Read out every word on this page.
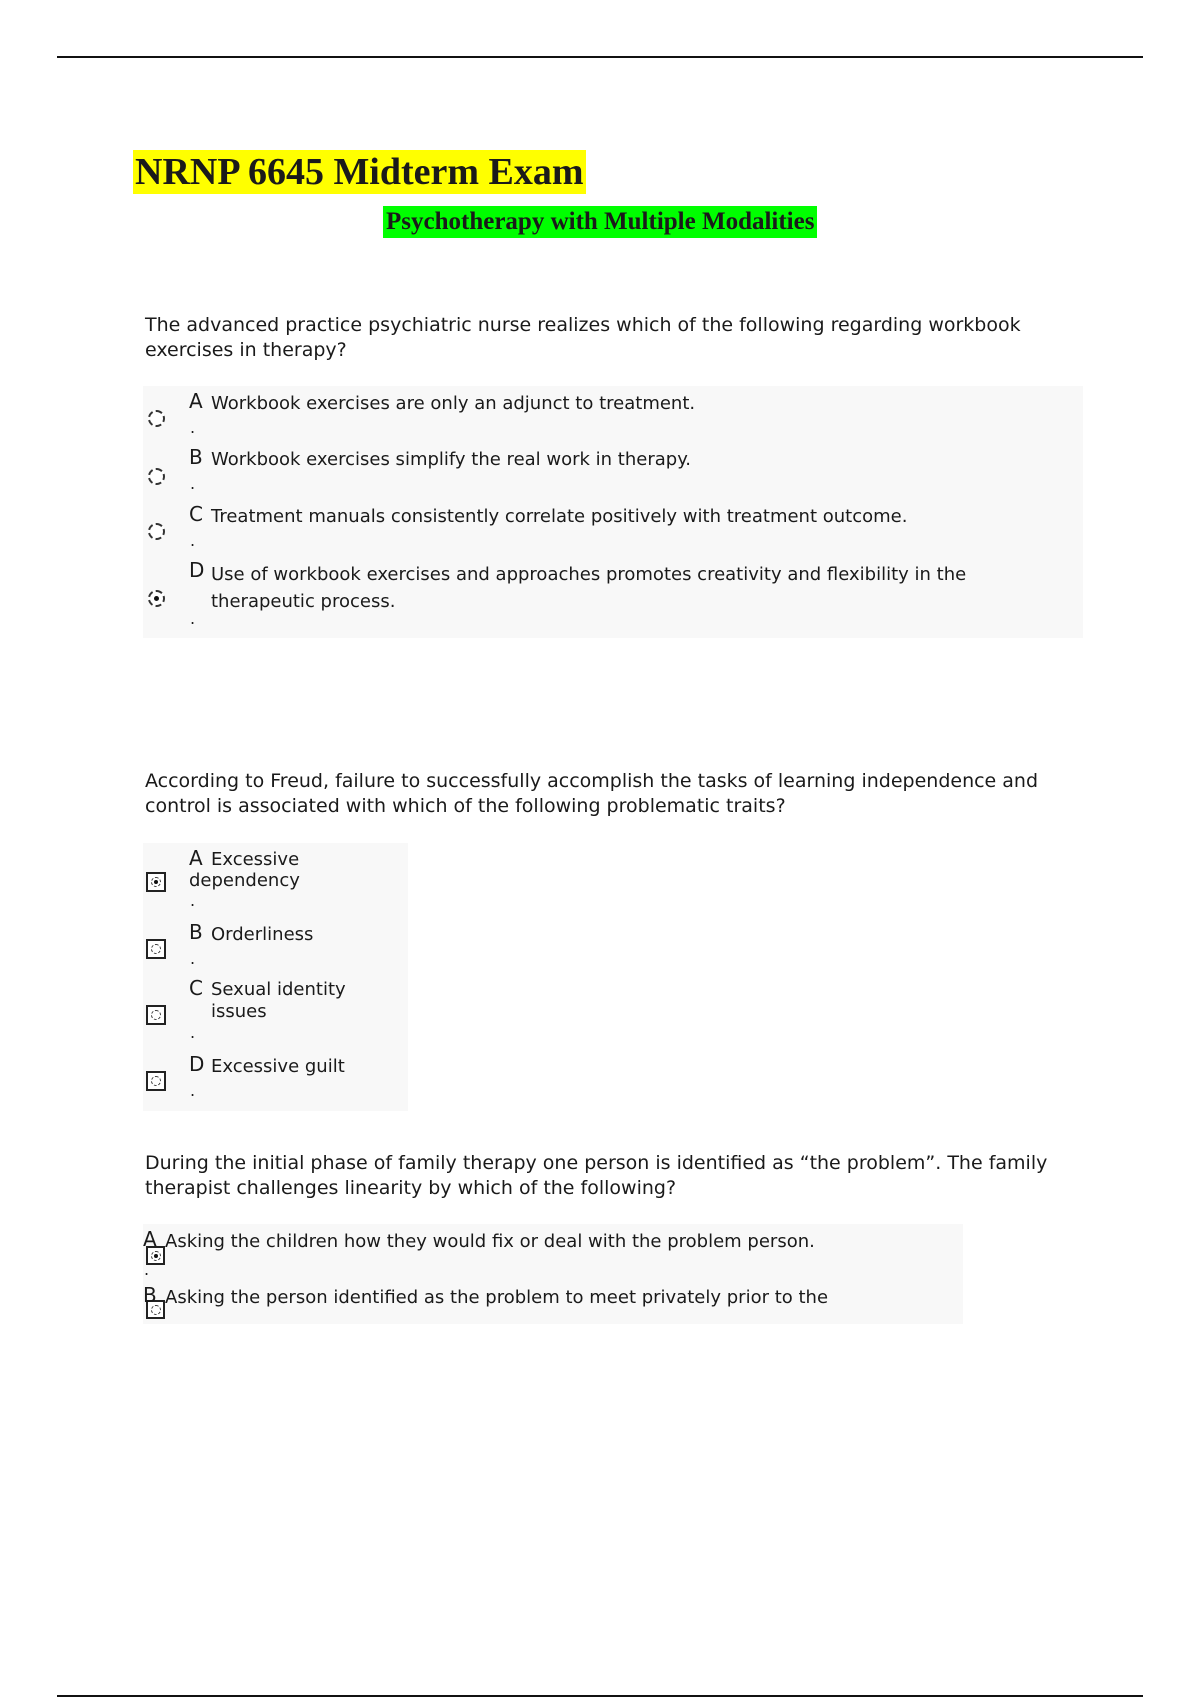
NRNP 6645 Midterm Exam
Psychotherapy with Multiple Modalities
The advanced practice psychiatric nurse realizes which of the following regarding workbook exercises in therapy?
A
.
Workbook exercises are only an adjunct to treatment.
B
.
Workbook exercises simplify the real work in therapy.
C
.
Treatment manuals consistently correlate positively with treatment outcome.
D
.
Use of workbook exercises and approaches promotes creativity and flexibility in the therapeutic process.
According to Freud, failure to successfully accomplish the tasks of learning independence and control is associated with which of the following problematic traits?
A
.
Excessive dependency
B
.
Orderliness
C
.
Sexual identity issues
D
.
Excessive guilt
During the initial phase of family therapy one person is identified as “the problem”. The family therapist challenges linearity by which of the following?
A
.
Asking the children how they would fix or deal with the problem person.
B Asking the person identified as the problem to meet privately prior to the
